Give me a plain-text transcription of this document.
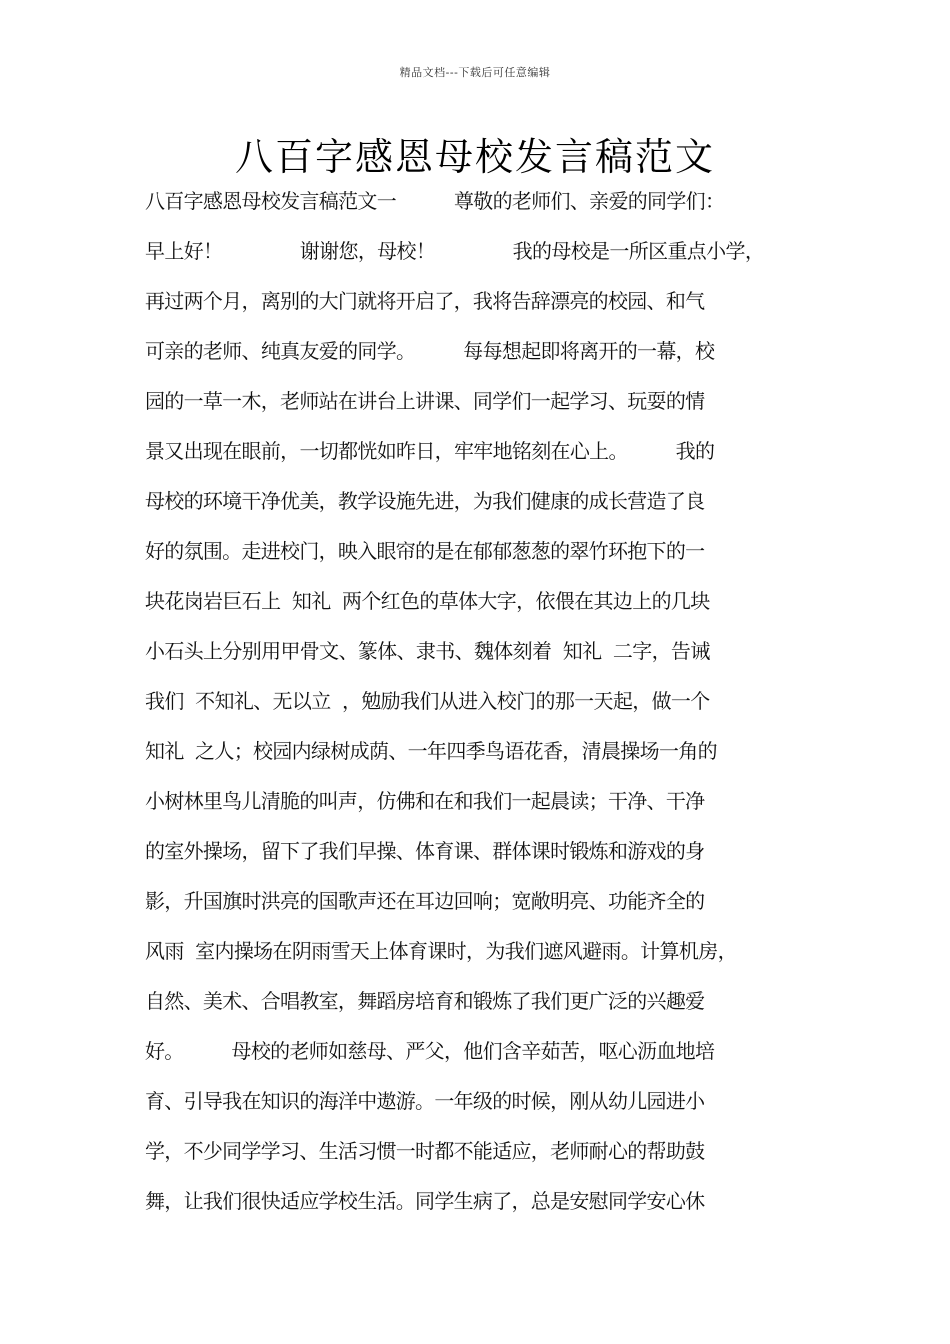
精品文档---下载后可任意编辑
八百字感恩母校发言稿范文
八百字感恩母校发言稿范文一　　　尊敬的老师们、亲爱的同学们：
早上好！　　　　谢谢您，母校！　　　　我的母校是一所区重点小学，
再过两个月，离别的大门就将开启了，我将告辞漂亮的校园、和气
可亲的老师、纯真友爱的同学。　　　每每想起即将离开的一幕，校
园的一草一木，老师站在讲台上讲课、同学们一起学习、玩耍的情
景又出现在眼前，一切都恍如昨日，牢牢地铭刻在心上。　　　我的
母校的环境干净优美，教学设施先进，为我们健康的成长营造了良
好的氛围。走进校门，映入眼帘的是在郁郁葱葱的翠竹环抱下的一
块花岗岩巨石上  知礼  两个红色的草体大字，依偎在其边上的几块
小石头上分别用甲骨文、篆体、隶书、魏体刻着  知礼  二字，告诫
我们  不知礼、无以立  ，勉励我们从进入校门的那一天起，做一个
知礼  之人；校园内绿树成荫、一年四季鸟语花香，清晨操场一角的
小树林里鸟儿清脆的叫声，仿佛和在和我们一起晨读；干净、干净
的室外操场，留下了我们早操、体育课、群体课时锻炼和游戏的身
影，升国旗时洪亮的国歌声还在耳边回响；宽敞明亮、功能齐全的
风雨  室内操场在阴雨雪天上体育课时，为我们遮风避雨。计算机房，
自然、美术、合唱教室，舞蹈房培育和锻炼了我们更广泛的兴趣爱
好。　　　母校的老师如慈母、严父，他们含辛茹苦，呕心沥血地培
育、引导我在知识的海洋中遨游。一年级的时候，刚从幼儿园进小
学，不少同学学习、生活习惯一时都不能适应，老师耐心的帮助鼓
舞，让我们很快适应学校生活。同学生病了，总是安慰同学安心休
